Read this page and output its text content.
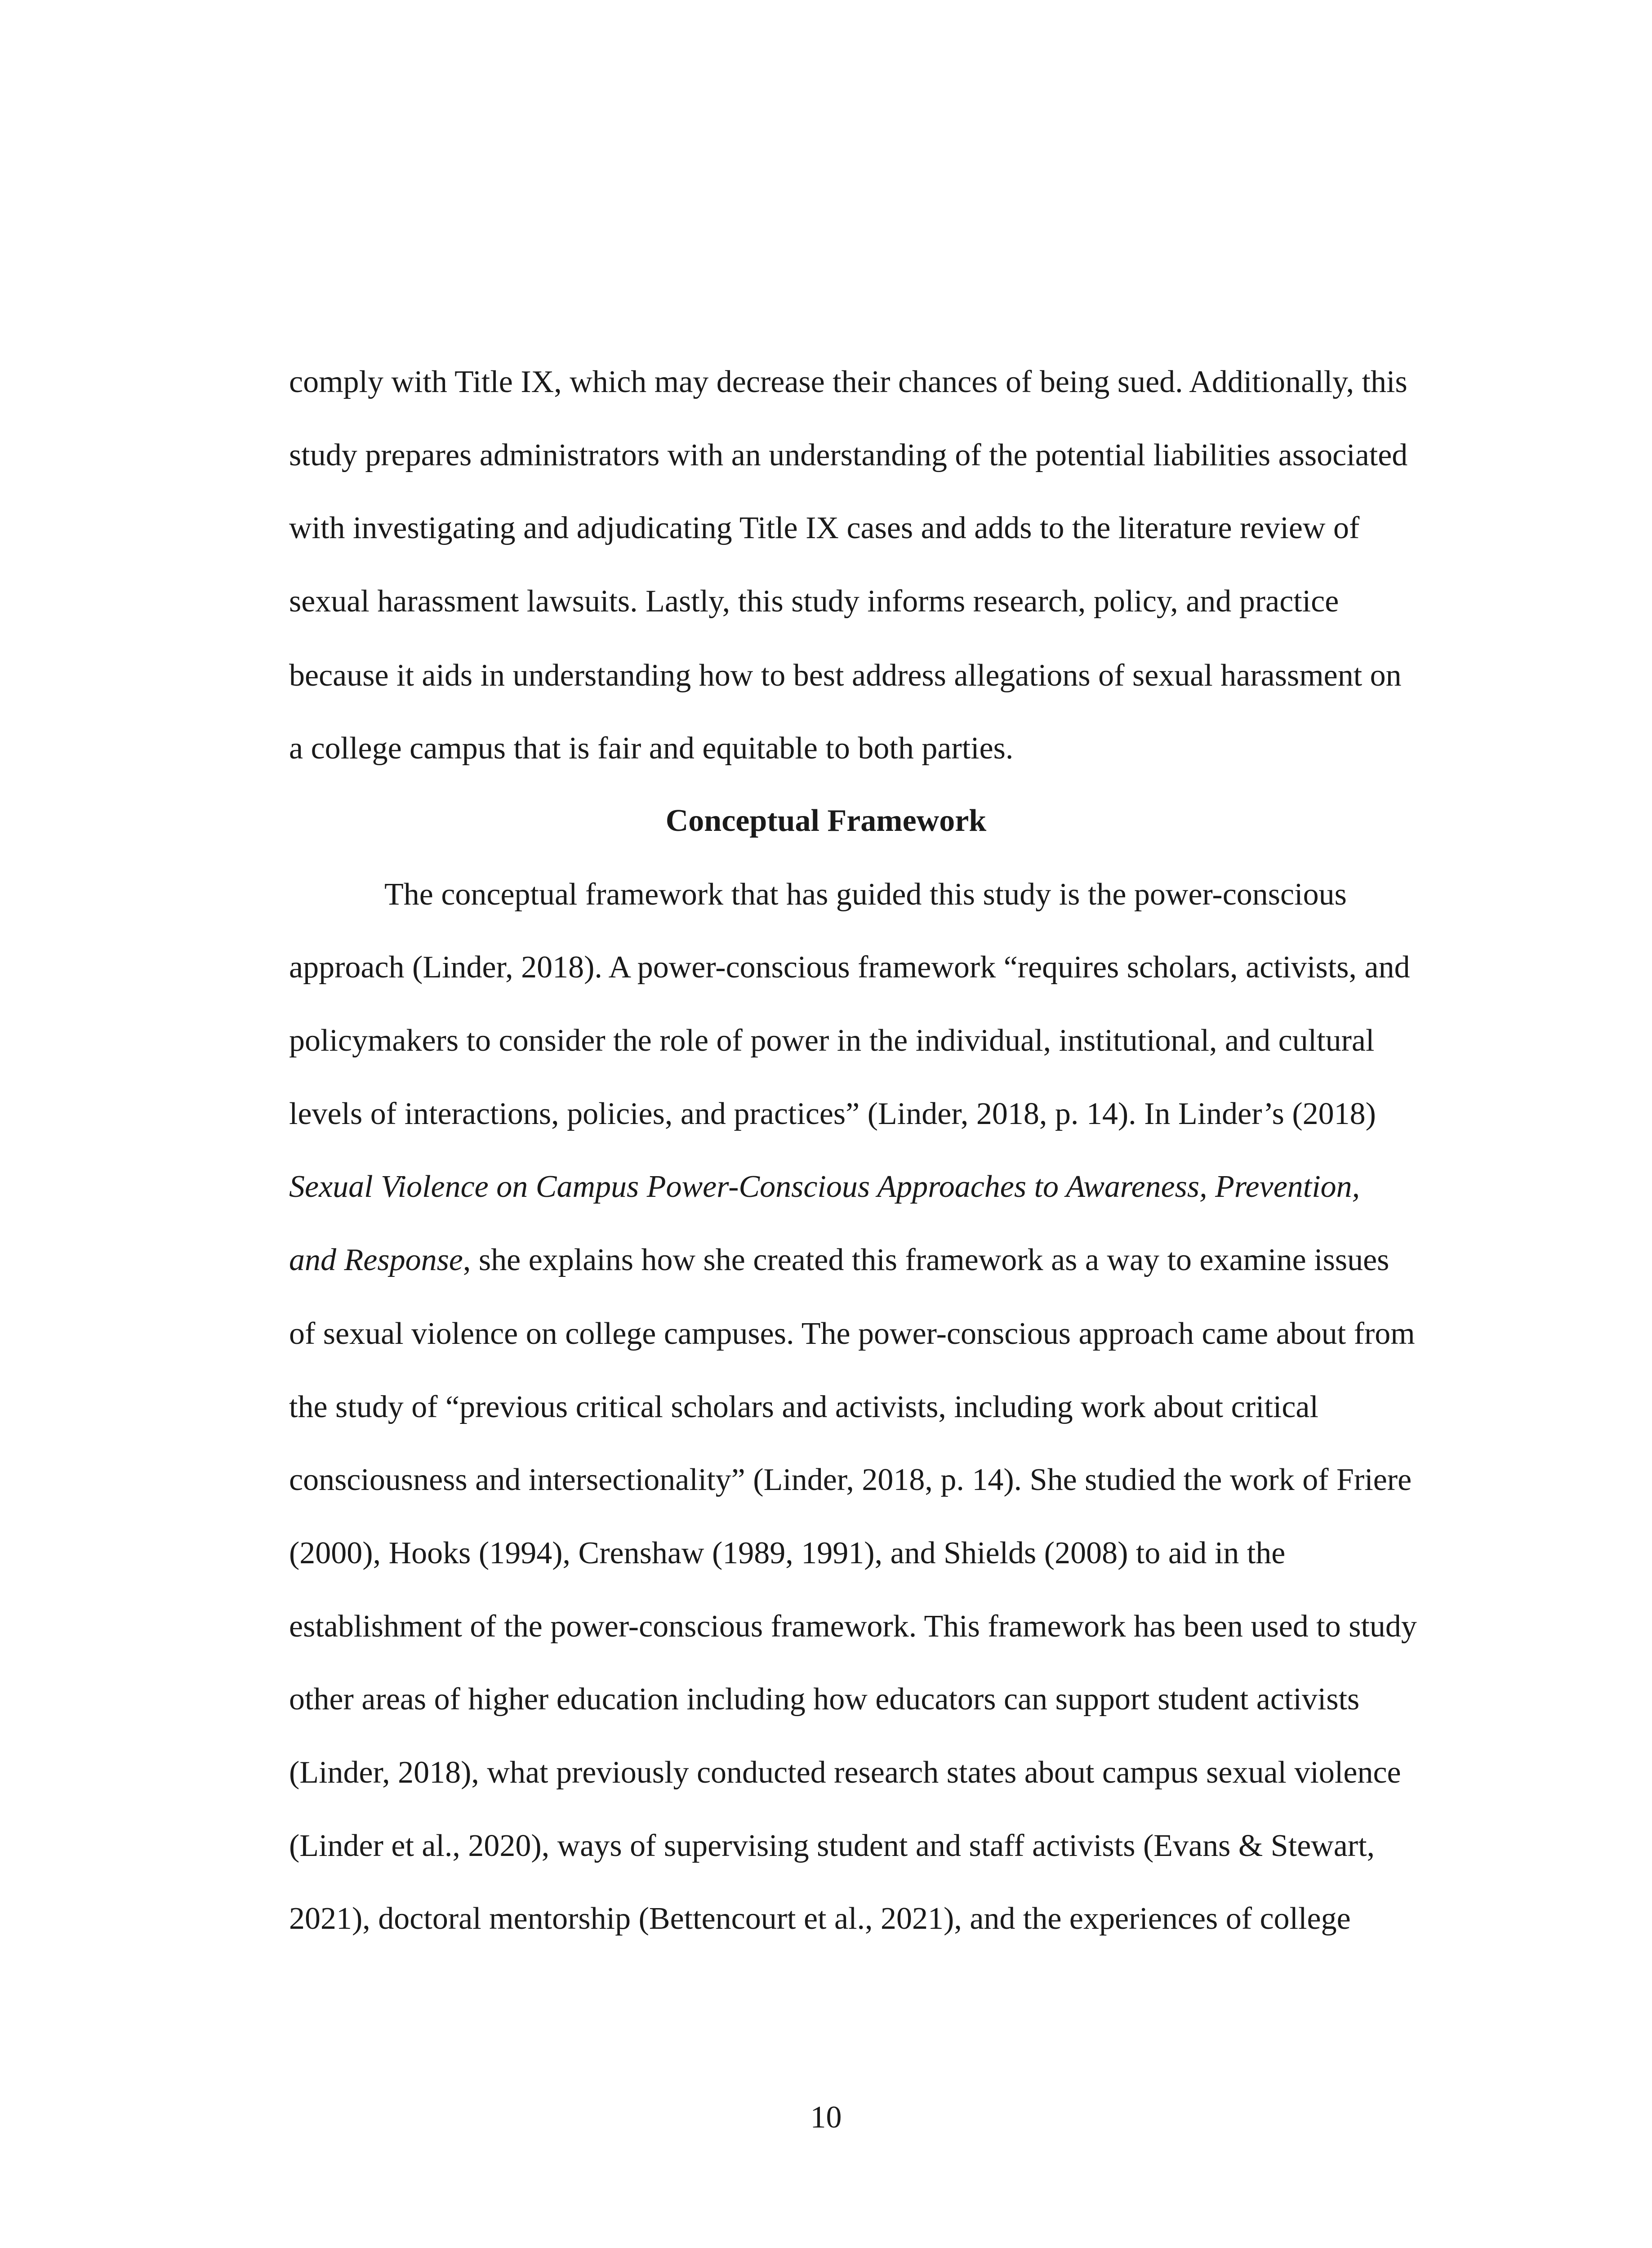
comply with Title IX, which may decrease their chances of being sued. Additionally, this
study prepares administrators with an understanding of the potential liabilities associated
with investigating and adjudicating Title IX cases and adds to the literature review of
sexual harassment lawsuits. Lastly, this study informs research, policy, and practice
because it aids in understanding how to best address allegations of sexual harassment on
a college campus that is fair and equitable to both parties.
Conceptual Framework
The conceptual framework that has guided this study is the power-conscious
approach (Linder, 2018). A power-conscious framework “requires scholars, activists, and
policymakers to consider the role of power in the individual, institutional, and cultural
levels of interactions, policies, and practices” (Linder, 2018, p. 14). In Linder’s (2018)
Sexual Violence on Campus Power-Conscious Approaches to Awareness, Prevention,
and Response, she explains how she created this framework as a way to examine issues
of sexual violence on college campuses. The power-conscious approach came about from
the study of “previous critical scholars and activists, including work about critical
consciousness and intersectionality” (Linder, 2018, p. 14). She studied the work of Friere
(2000), Hooks (1994), Crenshaw (1989, 1991), and Shields (2008) to aid in the
establishment of the power-conscious framework. This framework has been used to study
other areas of higher education including how educators can support student activists
(Linder, 2018), what previously conducted research states about campus sexual violence
(Linder et al., 2020), ways of supervising student and staff activists (Evans & Stewart,
2021), doctoral mentorship (Bettencourt et al., 2021), and the experiences of college
10
